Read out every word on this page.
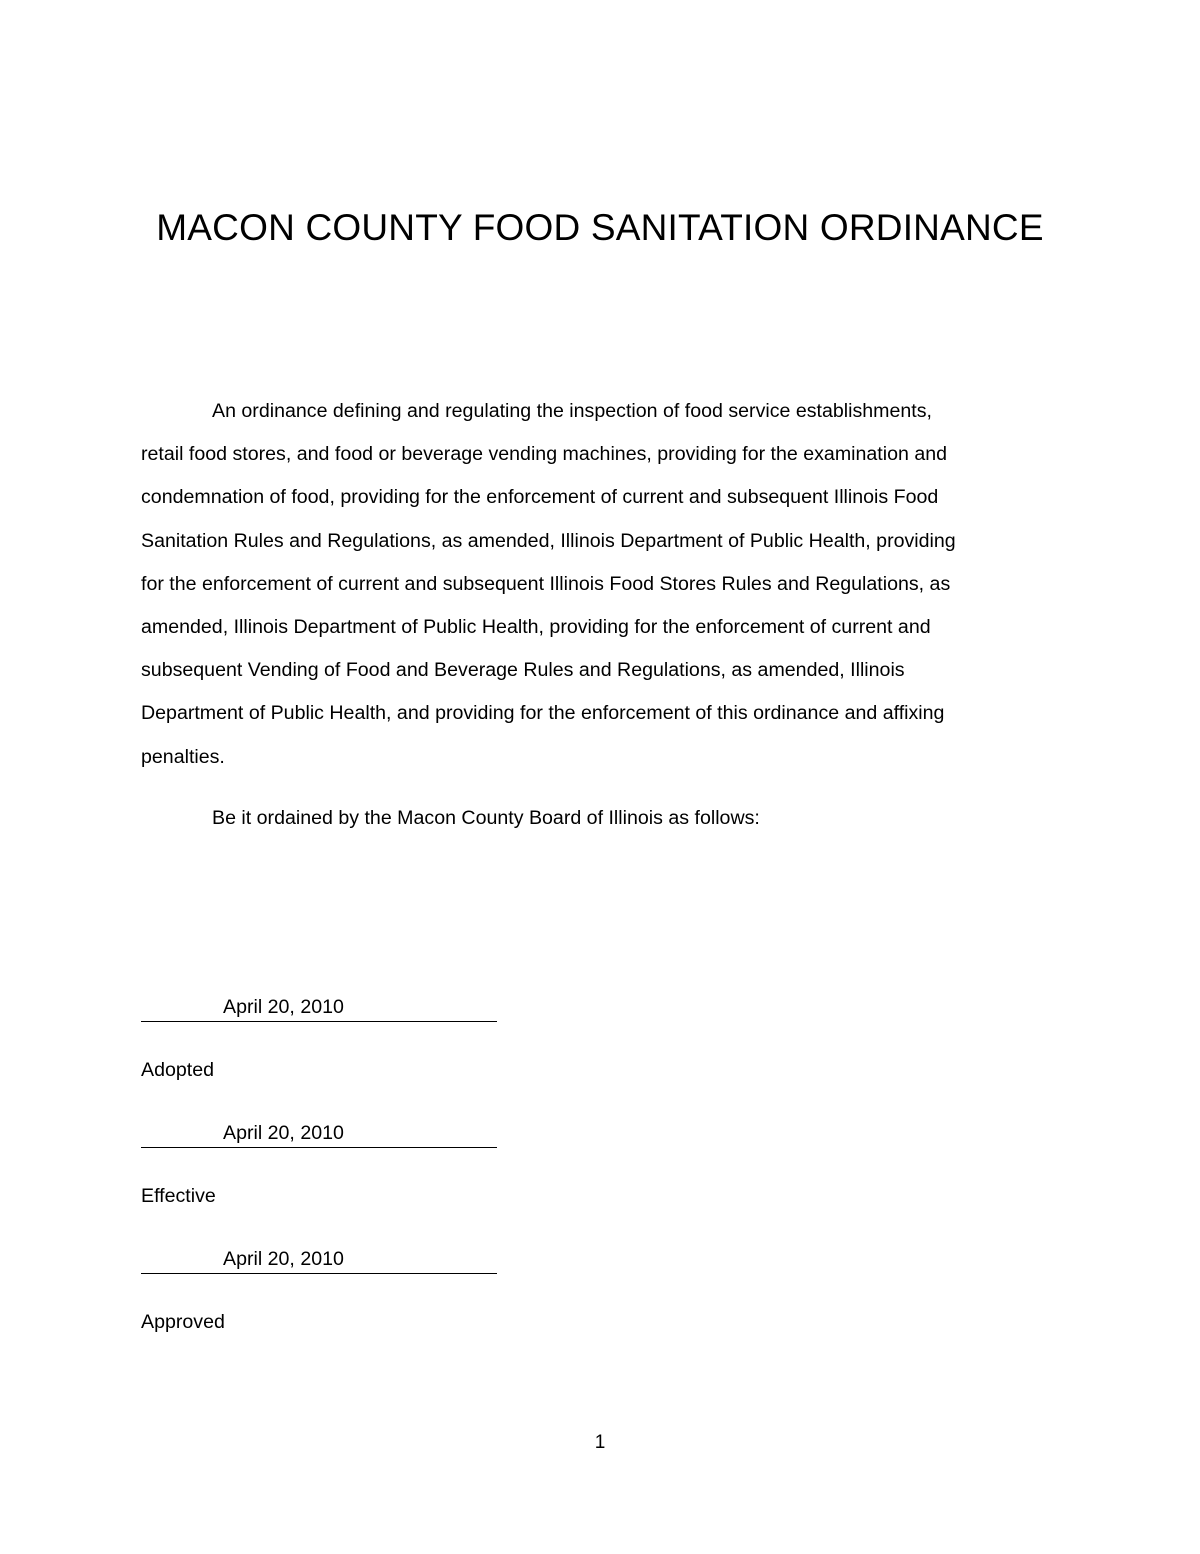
MACON COUNTY FOOD SANITATION ORDINANCE

An ordinance defining and regulating the inspection of food service establishments,
retail food stores, and food or beverage vending machines, providing for the examination and
condemnation of food, providing for the enforcement of current and subsequent Illinois Food
Sanitation Rules and Regulations, as amended, Illinois Department of Public Health, providing
for the enforcement of current and subsequent Illinois Food Stores Rules and Regulations, as
amended, Illinois Department of Public Health, providing for the enforcement of current and
subsequent Vending of Food and Beverage Rules and Regulations, as amended, Illinois
Department of Public Health, and providing for the enforcement of this ordinance and affixing
penalties.

Be it ordained by the Macon County Board of Illinois as follows:

April 20, 2010
Adopted
April 20, 2010
Effective
April 20, 2010
Approved
1
